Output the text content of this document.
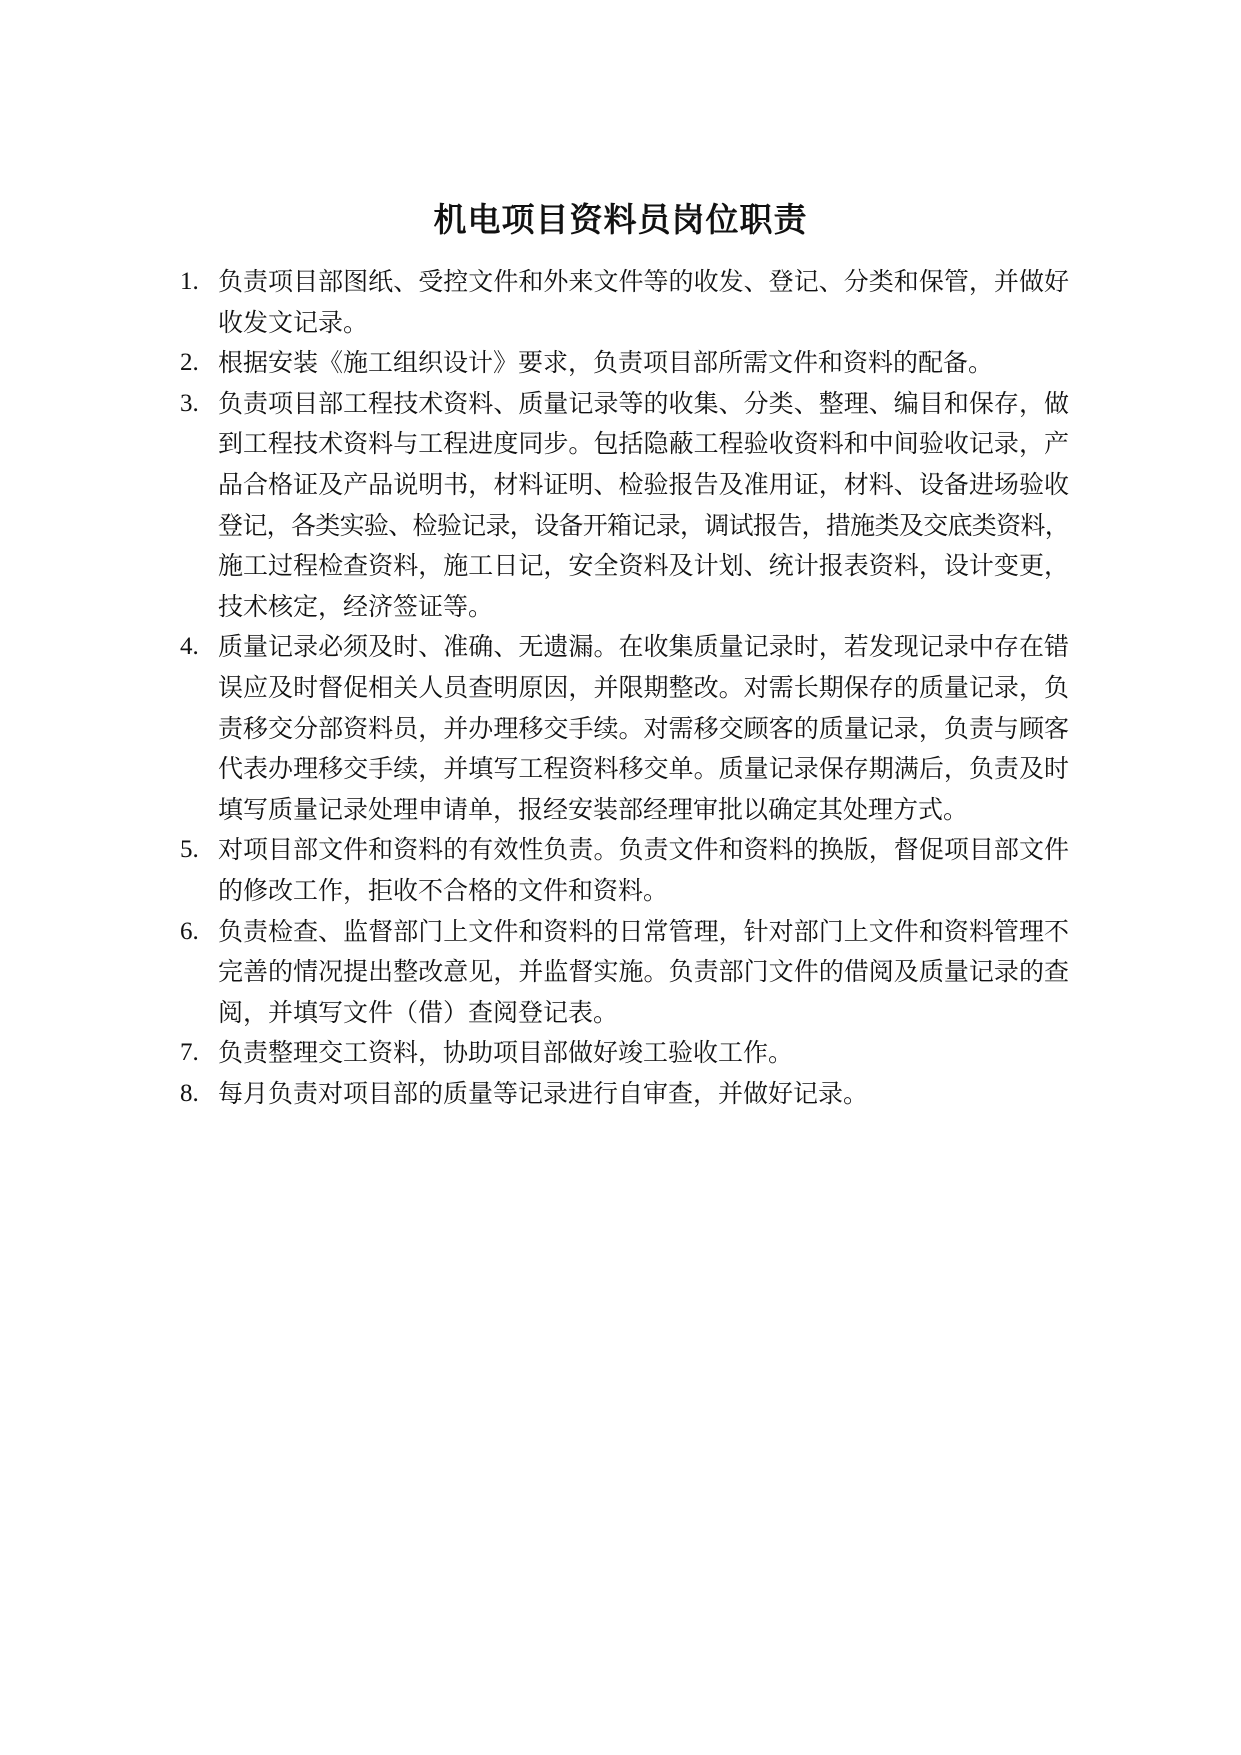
机电项目资料员岗位职责
1. 负责项目部图纸、受控文件和外来文件等的收发、登记、分类和保管，并做好
收发文记录。
2. 根据安装《施工组织设计》要求，负责项目部所需文件和资料的配备。
3. 负责项目部工程技术资料、质量记录等的收集、分类、整理、编目和保存，做
到工程技术资料与工程进度同步。包括隐蔽工程验收资料和中间验收记录，产
品合格证及产品说明书，材料证明、检验报告及准用证，材料、设备进场验收
登记，各类实验、检验记录，设备开箱记录，调试报告，措施类及交底类资料，
施工过程检查资料，施工日记，安全资料及计划、统计报表资料，设计变更，
技术核定，经济签证等。
4. 质量记录必须及时、准确、无遗漏。在收集质量记录时，若发现记录中存在错
误应及时督促相关人员查明原因，并限期整改。对需长期保存的质量记录，负
责移交分部资料员，并办理移交手续。对需移交顾客的质量记录，负责与顾客
代表办理移交手续，并填写工程资料移交单。质量记录保存期满后，负责及时
填写质量记录处理申请单，报经安装部经理审批以确定其处理方式。
5. 对项目部文件和资料的有效性负责。负责文件和资料的换版，督促项目部文件
的修改工作，拒收不合格的文件和资料。
6. 负责检查、监督部门上文件和资料的日常管理，针对部门上文件和资料管理不
完善的情况提出整改意见，并监督实施。负责部门文件的借阅及质量记录的查
阅，并填写文件（借）查阅登记表。
7. 负责整理交工资料，协助项目部做好竣工验收工作。
8. 每月负责对项目部的质量等记录进行自审查，并做好记录。
